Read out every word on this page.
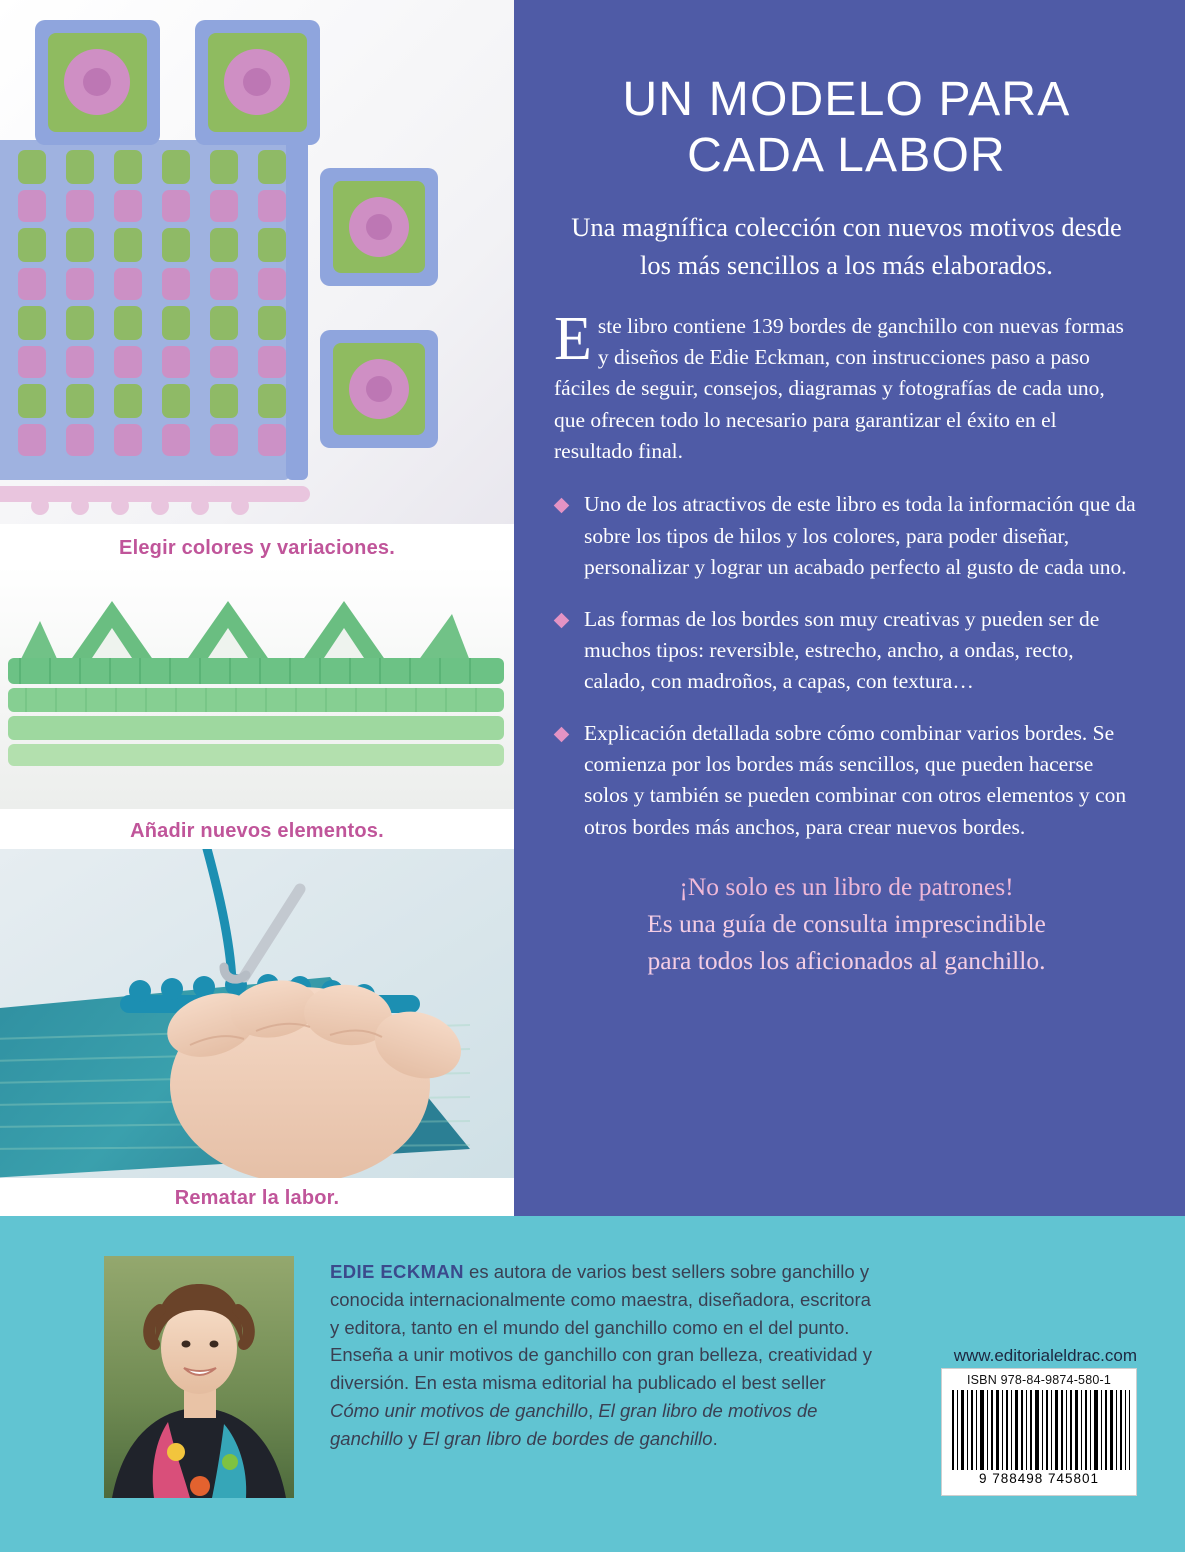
Elegir colores y variaciones.
Añadir nuevos elementos.
Rematar la labor.
UN MODELO PARA CADA LABOR

Una magnífica colección con nuevos motivos desde los más sencillos a los más elaborados.

Este libro contiene 139 bordes de ganchillo con nuevas formas y diseños de Edie Eckman, con instrucciones paso a paso fáciles de seguir, consejos, diagramas y fotografías de cada uno, que ofrecen todo lo necesario para garantizar el éxito en el resultado final.

Uno de los atractivos de este libro es toda la información que da sobre los tipos de hilos y los colores, para poder diseñar, personalizar y lograr un acabado perfecto al gusto de cada uno.
Las formas de los bordes son muy creativas y pueden ser de muchos tipos: reversible, estrecho, ancho, a ondas, recto, calado, con madroños, a capas, con textura…
Explicación detallada sobre cómo combinar varios bordes. Se comienza por los bordes más sencillos, que pueden hacerse solos y también se pueden combinar con otros elementos y con otros bordes más anchos, para crear nuevos bordes.
¡No solo es un libro de patrones!
Es una guía de consulta imprescindible
para todos los aficionados al ganchillo.
EDIE ECKMAN es autora de varios best sellers sobre ganchillo y conocida internacionalmente como maestra, diseñadora, escritora y editora, tanto en el mundo del ganchillo como en el del punto. Enseña a unir motivos de ganchillo con gran belleza, creatividad y diversión. En esta misma editorial ha publicado el best seller Cómo unir motivos de ganchillo, El gran libro de motivos de ganchillo y El gran libro de bordes de ganchillo.
www.editorialeldrac.com
ISBN 978-84-9874-580-1
9 788498 745801
